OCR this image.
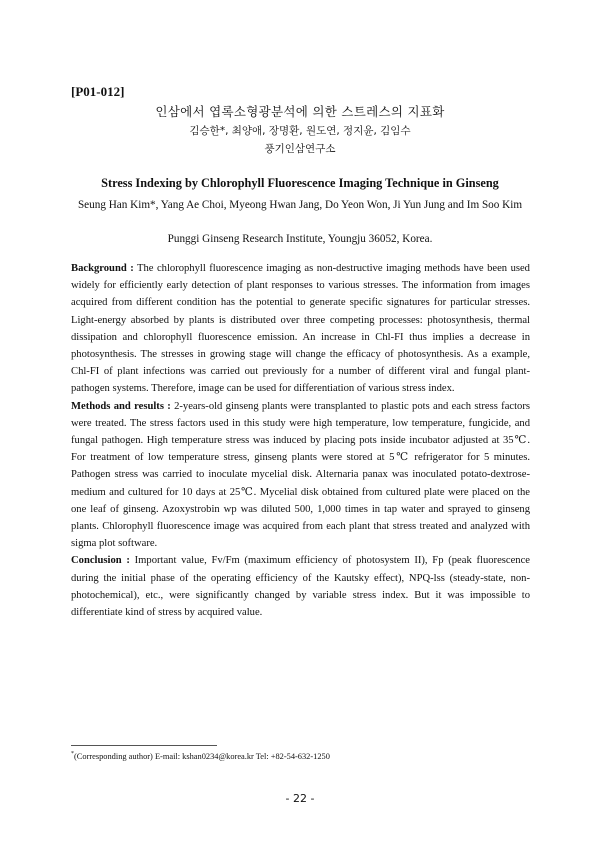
[P01-012]
인삼에서 엽록소형광분석에 의한 스트레스의 지표화
김승한*, 최양애, 장명환, 원도연, 정지윤, 김임수
풍기인삼연구소
Stress Indexing by Chlorophyll Fluorescence Imaging Technique in Ginseng
Seung Han Kim*, Yang Ae Choi, Myeong Hwan Jang, Do Yeon Won, Ji Yun Jung and Im Soo Kim
Punggi Ginseng Research Institute, Youngju 36052, Korea.

Background : The chlorophyll fluorescence imaging as non-destructive imaging methods have been used widely for efficiently early detection of plant responses to various stresses. The information from images acquired from different condition has the potential to generate specific signatures for particular stresses. Light-energy absorbed by plants is distributed over three competing processes: photosynthesis, thermal dissipation and chlorophyll fluorescence emission. An increase in Chl-FI thus implies a decrease in photosynthesis. The stresses in growing stage will change the efficacy of photosynthesis. As a example, Chl-FI of plant infections was carried out previously for a number of different viral and fungal plant‐pathogen systems. Therefore, image can be used for differentiation of various stress index.

Methods and results : 2-years-old ginseng plants were transplanted to plastic pots and each stress factors were treated. The stress factors used in this study were high temperature, low temperature, fungicide, and fungal pathogen. High temperature stress was induced by placing pots inside incubator adjusted at 35℃. For treatment of low temperature stress, ginseng plants were stored at 5℃ refrigerator for 5 minutes. Pathogen stress was carried to inoculate mycelial disk. Alternaria panax was inoculated potato-dextrose-medium and cultured for 10 days at 25℃. Mycelial disk obtained from cultured plate were placed on the one leaf of ginseng. Azoxystrobin wp was diluted 500, 1,000 times in tap water and sprayed to ginseng plants. Chlorophyll fluorescence image was acquired from each plant that stress treated and analyzed with sigma plot software.

Conclusion : Important value, Fv/Fm (maximum efficiency of photosystem II), Fp (peak fluorescence during the initial phase of the operating efficiency of the Kautsky effect), NPQ-lss (steady-state, non-photochemical), etc., were significantly changed by variable stress index. But it was impossible to differentiate kind of stress by acquired value.

*(Corresponding author) E-mail: kshan0234@korea.kr Tel: +82-54-632-1250
- 22 -
